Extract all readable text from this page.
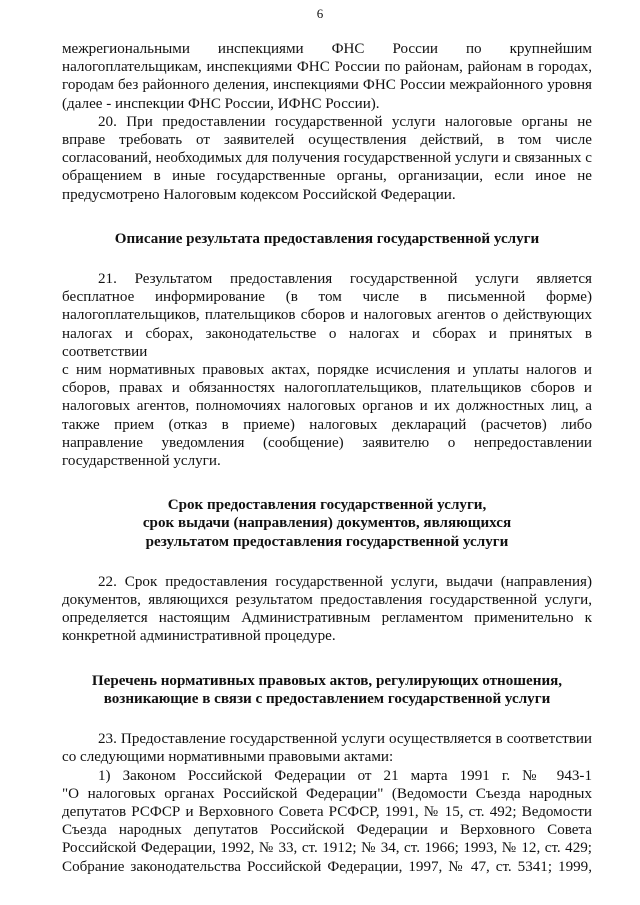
6
межрегиональными инспекциями ФНС России по крупнейшим
налогоплательщикам, инспекциями ФНС России по районам, районам в городах,
городам без районного деления, инспекциями ФНС России межрайонного уровня
(далее - инспекции ФНС России, ИФНС России).
20. При предоставлении государственной услуги налоговые органы не
вправе требовать от заявителей осуществления действий, в том числе
согласований, необходимых для получения государственной услуги и связанных с
обращением в иные государственные органы, организации, если иное не
предусмотрено Налоговым кодексом Российской Федерации.
Описание результата предоставления государственной услуги
21. Результатом предоставления государственной услуги является
бесплатное информирование (в том числе в письменной форме)
налогоплательщиков, плательщиков сборов и налоговых агентов о действующих
налогах и сборах, законодательстве о налогах и сборах и принятых в соответствии
с ним нормативных правовых актах, порядке исчисления и уплаты налогов и
сборов, правах и обязанностях налогоплательщиков, плательщиков сборов и
налоговых агентов, полномочиях налоговых органов и их должностных лиц, а
также прием (отказ в приеме) налоговых деклараций (расчетов) либо
направление уведомления (сообщение) заявителю о непредоставлении
государственной услуги.
Срок предоставления государственной услуги,
срок выдачи (направления) документов, являющихся
результатом предоставления государственной услуги
22. Срок предоставления государственной услуги, выдачи (направления)
документов, являющихся результатом предоставления государственной услуги,
определяется настоящим Административным регламентом применительно к
конкретной административной процедуре.
Перечень нормативных правовых актов, регулирующих отношения,
возникающие в связи с предоставлением государственной услуги
23. Предоставление государственной услуги осуществляется в соответствии
со следующими нормативными правовыми актами:
1) Законом Российской Федерации от 21 марта 1991 г. № 943-1
"О налоговых органах Российской Федерации" (Ведомости Съезда народных
депутатов РСФСР и Верховного Совета РСФСР, 1991, № 15, ст. 492; Ведомости
Съезда народных депутатов Российской Федерации и Верховного Совета
Российской Федерации, 1992, № 33, ст. 1912; № 34, ст. 1966; 1993, № 12, ст. 429;
Собрание законодательства Российской Федерации, 1997, № 47, ст. 5341; 1999,
